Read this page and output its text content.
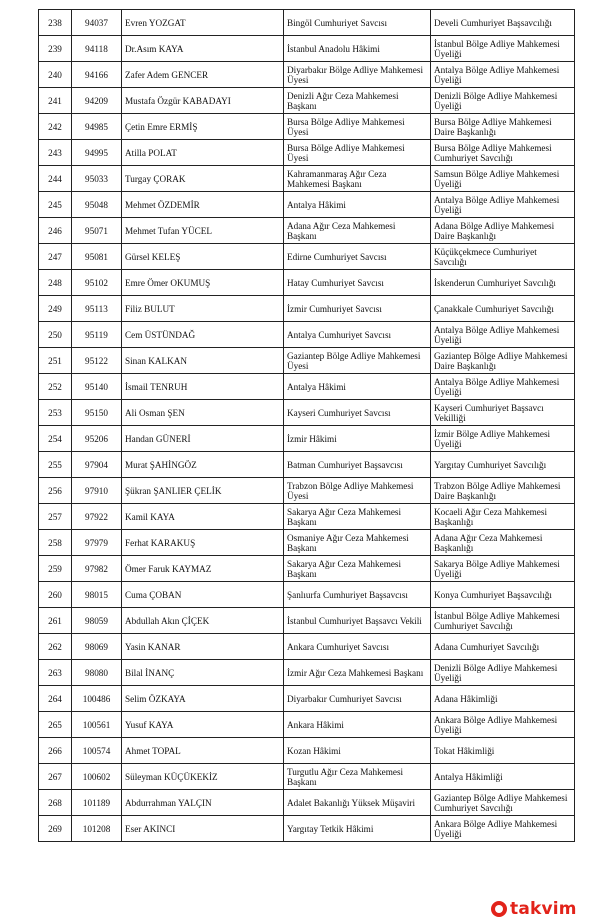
238	94037	Evren YOZGAT	Bingöl Cumhuriyet Savcısı	Develi Cumhuriyet Başsavcılığı
239	94118	Dr.Asım KAYA	İstanbul Anadolu Hâkimi	İstanbul Bölge Adliye Mahkemesi Üyeliği
240	94166	Zafer Adem GENCER	Diyarbakır Bölge Adliye Mahkemesi Üyesi	Antalya Bölge Adliye Mahkemesi Üyeliği
241	94209	Mustafa Özgür KABADAYI	Denizli Ağır Ceza Mahkemesi Başkanı	Denizli Bölge Adliye Mahkemesi Üyeliği
242	94985	Çetin Emre ERMİŞ	Bursa Bölge Adliye Mahkemesi Üyesi	Bursa Bölge Adliye Mahkemesi Daire Başkanlığı
243	94995	Atilla POLAT	Bursa Bölge Adliye Mahkemesi Üyesi	Bursa Bölge Adliye Mahkemesi Cumhuriyet Savcılığı
244	95033	Turgay ÇORAK	Kahramanmaraş Ağır Ceza Mahkemesi Başkanı	Samsun Bölge Adliye Mahkemesi Üyeliği
245	95048	Mehmet ÖZDEMİR	Antalya Hâkimi	Antalya Bölge Adliye Mahkemesi Üyeliği
246	95071	Mehmet Tufan YÜCEL	Adana Ağır Ceza Mahkemesi Başkanı	Adana Bölge Adliye Mahkemesi Daire Başkanlığı
247	95081	Gürsel KELEŞ	Edirne Cumhuriyet Savcısı	Küçükçekmece Cumhuriyet Savcılığı
248	95102	Emre Ömer OKUMUŞ	Hatay Cumhuriyet Savcısı	İskenderun Cumhuriyet Savcılığı
249	95113	Filiz BULUT	İzmir Cumhuriyet Savcısı	Çanakkale Cumhuriyet Savcılığı
250	95119	Cem ÜSTÜNDAĞ	Antalya Cumhuriyet Savcısı	Antalya Bölge Adliye Mahkemesi Üyeliği
251	95122	Sinan KALKAN	Gaziantep Bölge Adliye Mahkemesi Üyesi	Gaziantep Bölge Adliye Mahkemesi Daire Başkanlığı
252	95140	İsmail TENRUH	Antalya Hâkimi	Antalya Bölge Adliye Mahkemesi Üyeliği
253	95150	Ali Osman ŞEN	Kayseri Cumhuriyet Savcısı	Kayseri Cumhuriyet Başsavcı Vekilliği
254	95206	Handan GÜNERİ	İzmir Hâkimi	İzmir Bölge Adliye Mahkemesi Üyeliği
255	97904	Murat ŞAHİNGÖZ	Batman Cumhuriyet Başsavcısı	Yargıtay Cumhuriyet Savcılığı
256	97910	Şükran ŞANLIER ÇELİK	Trabzon Bölge Adliye Mahkemesi Üyesi	Trabzon Bölge Adliye Mahkemesi Daire Başkanlığı
257	97922	Kamil KAYA	Sakarya Ağır Ceza Mahkemesi Başkanı	Kocaeli Ağır Ceza Mahkemesi Başkanlığı
258	97979	Ferhat KARAKUŞ	Osmaniye Ağır Ceza Mahkemesi Başkanı	Adana Ağır Ceza Mahkemesi Başkanlığı
259	97982	Ömer Faruk KAYMAZ	Sakarya Ağır Ceza Mahkemesi Başkanı	Sakarya Bölge Adliye Mahkemesi Üyeliği
260	98015	Cuma ÇOBAN	Şanlıurfa Cumhuriyet Başsavcısı	Konya Cumhuriyet Başsavcılığı
261	98059	Abdullah Akın ÇİÇEK	İstanbul Cumhuriyet Başsavcı Vekili	İstanbul Bölge Adliye Mahkemesi Cumhuriyet Savcılığı
262	98069	Yasin KANAR	Ankara Cumhuriyet Savcısı	Adana Cumhuriyet Savcılığı
263	98080	Bilal İNANÇ	İzmir Ağır Ceza Mahkemesi Başkanı	Denizli Bölge Adliye Mahkemesi Üyeliği
264	100486	Selim ÖZKAYA	Diyarbakır Cumhuriyet Savcısı	Adana Hâkimliği
265	100561	Yusuf KAYA	Ankara Hâkimi	Ankara Bölge Adliye Mahkemesi Üyeliği
266	100574	Ahmet TOPAL	Kozan Hâkimi	Tokat Hâkimliği
267	100602	Süleyman KÜÇÜKEKİZ	Turgutlu Ağır Ceza Mahkemesi Başkanı	Antalya Hâkimliği
268	101189	Abdurrahman YALÇIN	Adalet Bakanlığı Yüksek Müşaviri	Gaziantep Bölge Adliye Mahkemesi Cumhuriyet Savcılığı
269	101208	Eser AKINCI	Yargıtay Tetkik Hâkimi	Ankara Bölge Adliye Mahkemesi Üyeliği
takvim
